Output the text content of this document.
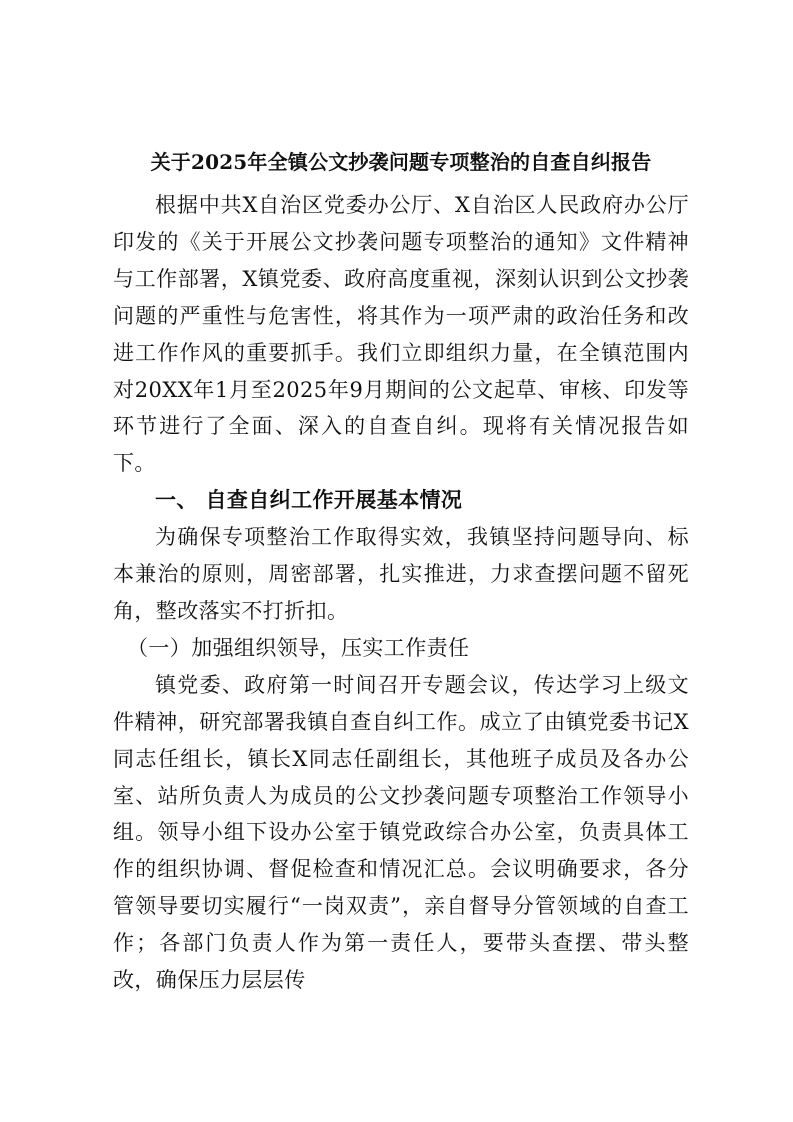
关于2025年全镇公文抄袭问题专项整治的自查自纠报告

根据中共X自治区党委办公厅、X自治区人民政府办公厅印发的《关于开展公文抄袭问题专项整治的通知》文件精神与工作部署，X镇党委、政府高度重视，深刻认识到公文抄袭问题的严重性与危害性，将其作为一项严肃的政治任务和改进工作作风的重要抓手。我们立即组织力量，在全镇范围内对20XX年1月至2025年9月期间的公文起草、审核、印发等环节进行了全面、深入的自查自纠。现将有关情况报告如下。

一、 自查自纠工作开展基本情况

为确保专项整治工作取得实效，我镇坚持问题导向、标本兼治的原则，周密部署，扎实推进，力求查摆问题不留死角，整改落实不打折扣。

（一）加强组织领导，压实工作责任

镇党委、政府第一时间召开专题会议，传达学习上级文件精神，研究部署我镇自查自纠工作。成立了由镇党委书记X同志任组长，镇长X同志任副组长，其他班子成员及各办公室、站所负责人为成员的公文抄袭问题专项整治工作领导小组。领导小组下设办公室于镇党政综合办公室，负责具体工作的组织协调、督促检查和情况汇总。会议明确要求，各分管领导要切实履行“一岗双责”，亲自督导分管领域的自查工作；各部门负责人作为第一责任人，要带头查摆、带头整改，确保压力层层传
